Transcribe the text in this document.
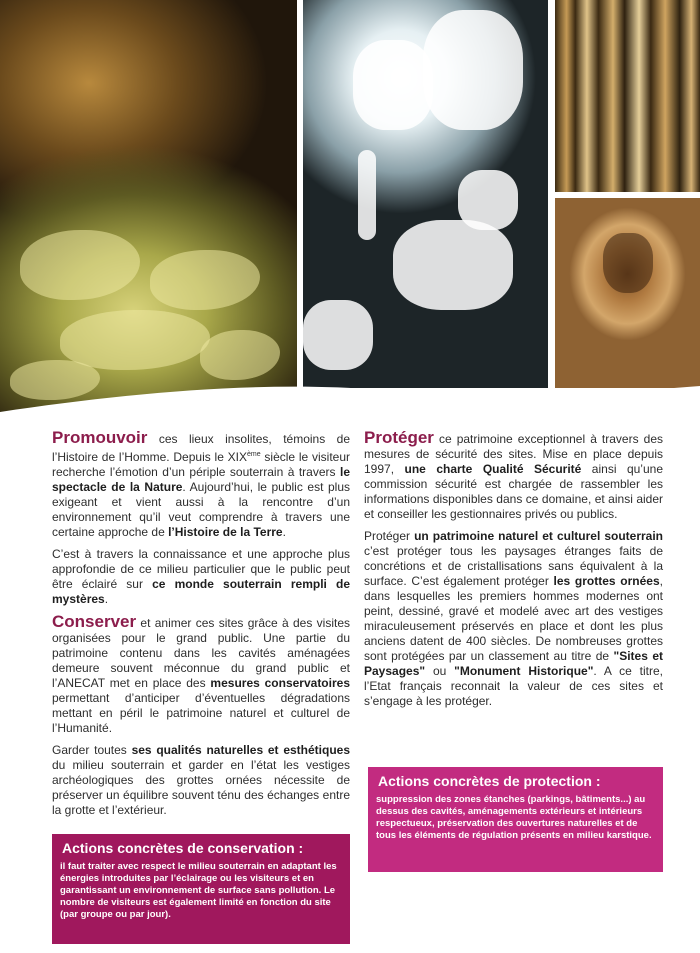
Promouvoir ces lieux insolites, témoins de l’Histoire de l’Homme. Depuis le XIXème siècle le visiteur recherche l’émotion d’un périple souterrain à travers le spectacle de la Nature. Aujourd’hui, le public est plus exigeant et vient aussi à la rencontre d’un environnement qu’il veut comprendre à travers une certaine approche de l’Histoire de la Terre.

C’est à travers la connaissance et une approche plus approfondie de ce milieu particulier que le public peut être éclairé sur ce monde souterrain rempli de mystères.

Conserver et animer ces sites grâce à des visites organisées pour le grand public. Une partie du patrimoine contenu dans les cavités aménagées demeure souvent méconnue du grand public et l’ANECAT met en place des mesures conservatoires permettant d’anticiper d’éventuelles dégradations mettant en péril le patrimoine naturel et culturel de l’Humanité.

Garder toutes ses qualités naturelles et esthétiques du milieu souterrain et garder en l’état les vestiges archéologiques des grottes ornées nécessite de préserver un équilibre souvent ténu des échanges entre la grotte et l’extérieur.

Actions concrètes de conservation :

il faut traiter avec respect le milieu souterrain en adaptant les énergies introduites par l’éclairage ou les visiteurs et en garantissant un environnement de surface sans pollution. Le nombre de visiteurs est également limité en fonction du site (par groupe ou par jour).

Protéger ce patrimoine exceptionnel à travers des mesures de sécurité des sites. Mise en place depuis 1997, une charte Qualité Sécurité ainsi qu’une commission sécurité est chargée de rassembler les informations disponibles dans ce domaine, et ainsi aider et conseiller les gestionnaires privés ou publics.

Protéger un patrimoine naturel et culturel souterrain c’est protéger tous les paysages étranges faits de concrétions et de cristallisations sans équivalent à la surface. C’est également protéger les grottes ornées, dans lesquelles les premiers hommes modernes ont peint, dessiné, gravé et modelé avec art des vestiges miraculeusement préservés en place et dont les plus anciens datent de 400 siècles. De nombreuses grottes sont protégées par un classement au titre de "Sites et Paysages" ou "Monument Historique". A ce titre, l’Etat français reconnait la valeur de ces sites et s’engage à les protéger.

Actions concrètes de protection :

suppression des zones étanches (parkings, bâtiments...) au dessus des cavités, aménagements extérieurs et intérieurs respectueux, préservation des ouvertures naturelles et de tous les éléments de régulation présents en milieu karstique.
